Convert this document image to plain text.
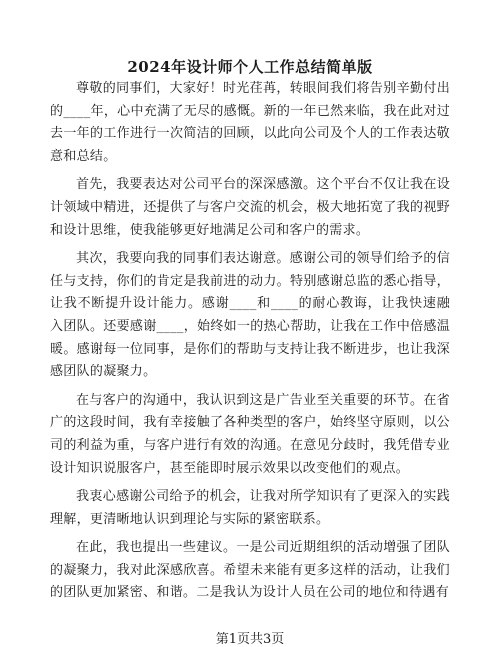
2024年设计师个人工作总结简单版

尊敬的同事们，大家好！时光荏苒，转眼间我们将告别辛勤付出的____年，心中充满了无尽的感慨。新的一年已然来临，我在此对过去一年的工作进行一次简洁的回顾，以此向公司及个人的工作表达敬意和总结。

首先，我要表达对公司平台的深深感激。这个平台不仅让我在设计领域中精进，还提供了与客户交流的机会，极大地拓宽了我的视野和设计思维，使我能够更好地满足公司和客户的需求。

其次，我要向我的同事们表达谢意。感谢公司的领导们给予的信任与支持，你们的肯定是我前进的动力。特别感谢总监的悉心指导，让我不断提升设计能力。感谢____和____的耐心教诲，让我快速融入团队。还要感谢____，始终如一的热心帮助，让我在工作中倍感温暖。感谢每一位同事，是你们的帮助与支持让我不断进步，也让我深感团队的凝聚力。

在与客户的沟通中，我认识到这是广告业至关重要的环节。在省广的这段时间，我有幸接触了各种类型的客户，始终坚守原则，以公司的利益为重，与客户进行有效的沟通。在意见分歧时，我凭借专业设计知识说服客户，甚至能即时展示效果以改变他们的观点。

我衷心感谢公司给予的机会，让我对所学知识有了更深入的实践理解，更清晰地认识到理论与实际的紧密联系。

在此，我也提出一些建议。一是公司近期组织的活动增强了团队的凝聚力，我对此深感欣喜。希望未来能有更多这样的活动，让我们的团队更加紧密、和谐。二是我认为设计人员在公司的地位和待遇有

第1页共3页
